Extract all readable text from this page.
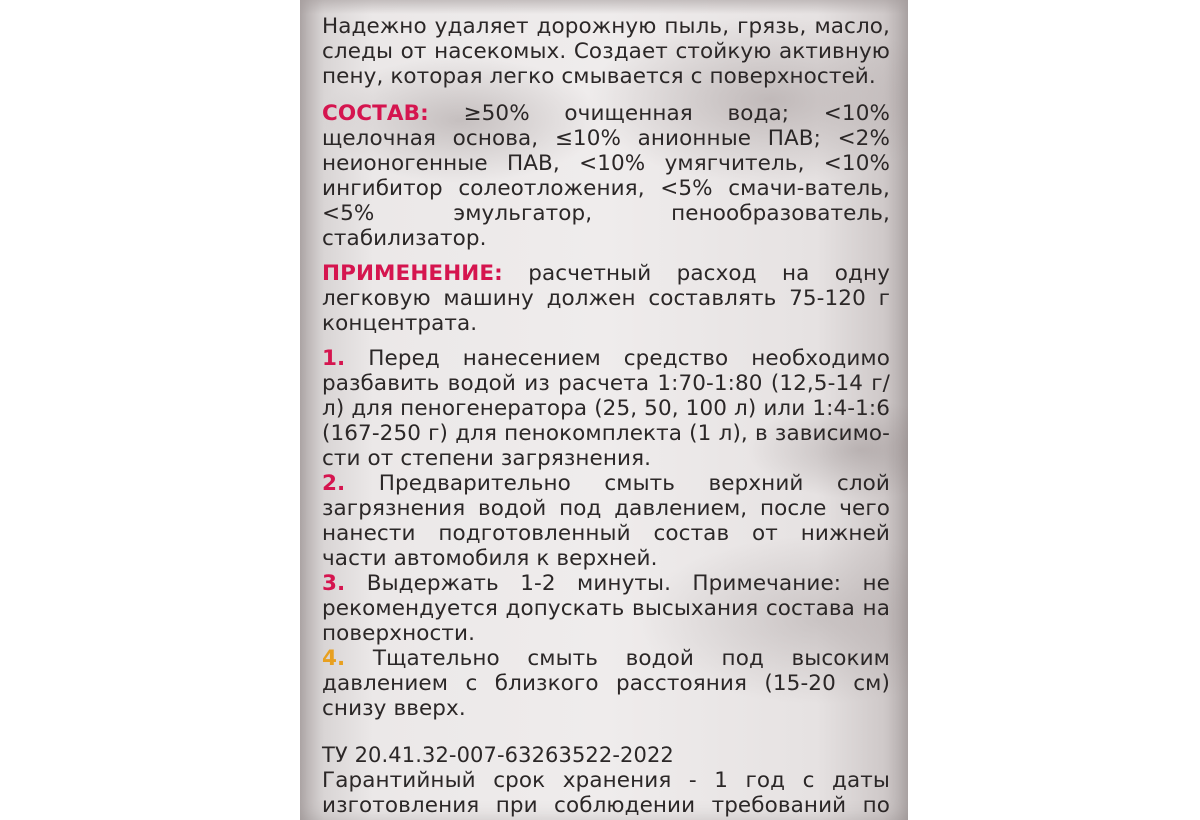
Надежно удаляет дорожную пыль, грязь, масло, следы от насекомых. Создает стойкую активную пену, которая легко смывается с поверхностей.

СОСТАВ: ≥50% очищенная вода; <10% щелочная основа, ≤10% анионные ПАВ; <2% неионогенные ПАВ, <10% умягчитель, <10% ингибитор солеотложения, <5% смачи-ватель, <5% эмульгатор, пенообразователь, стабилизатор.

ПРИМЕНЕНИЕ: расчетный расход на одну легковую машину должен составлять 75-120 г концентрата.

1. Перед нанесением средство необходимо разбавить водой из расчета 1:70-1:80 (12,5-14 г/л) для пеногенератора (25, 50, 100 л) или 1:4-1:6 (167-250 г) для пенокомплекта (1 л), в зависимо-сти от степени загрязнения.

2. Предварительно смыть верхний слой загрязнения водой под давлением, после чего нанести подготовленный состав от нижней части автомобиля к верхней.

3. Выдержать 1-2 минуты. Примечание: не рекомендуется допускать высыхания состава на поверхности.

4. Тщательно смыть водой под высоким давлением с близкого расстояния (15-20 см) снизу вверх.

ТУ 20.41.32-007-63263522-2022

Гарантийный срок хранения - 1 год с даты

изготовления при соблюдении требований по
